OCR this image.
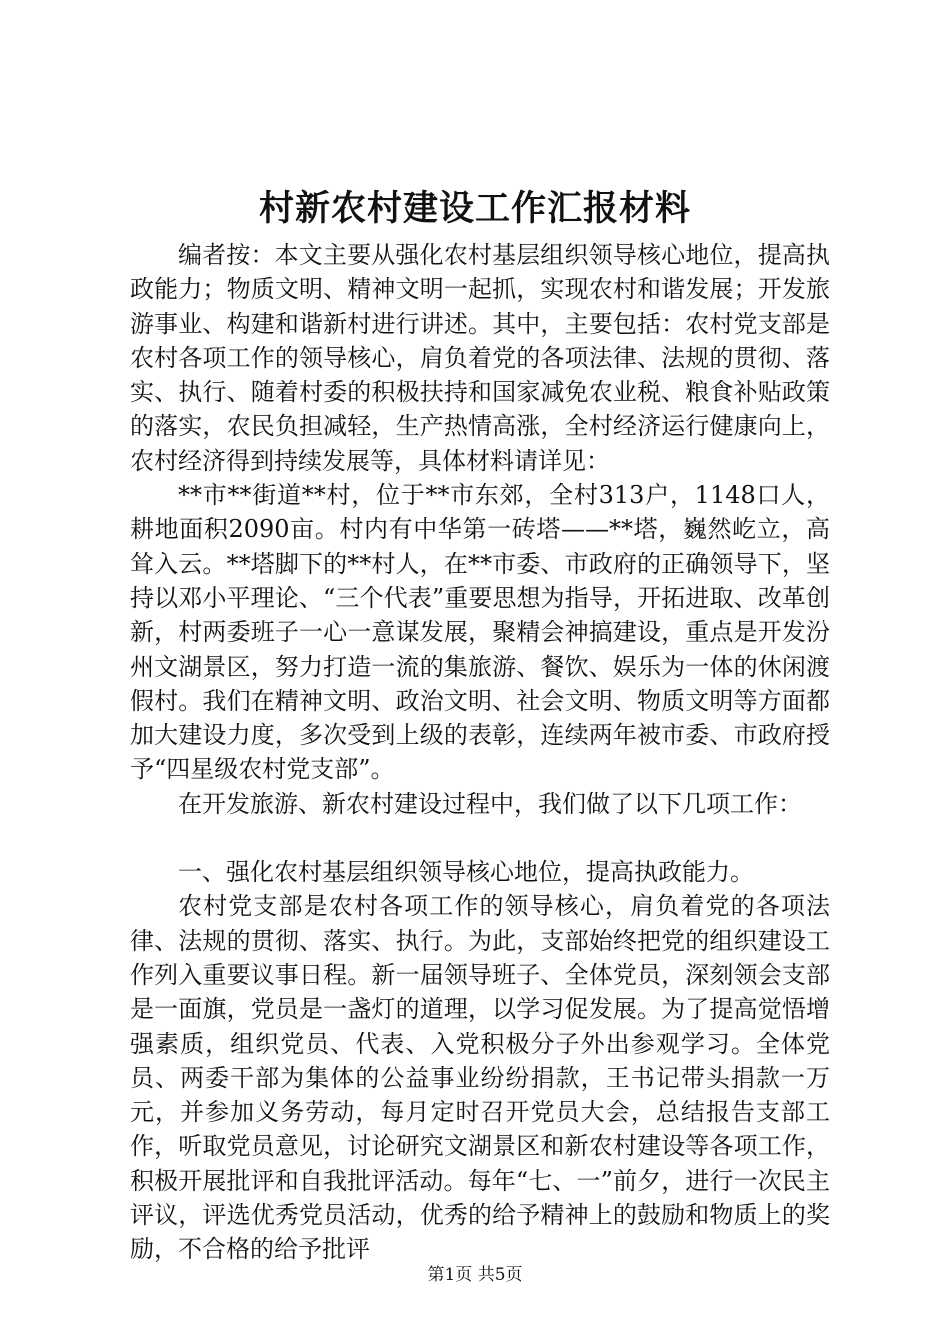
村新农村建设工作汇报材料

编者按：本文主要从强化农村基层组织领导核心地位，提高执政能力；物质文明、精神文明一起抓，实现农村和谐发展；开发旅游事业、构建和谐新村进行讲述。其中，主要包括：农村党支部是农村各项工作的领导核心，肩负着党的各项法律、法规的贯彻、落实、执行、随着村委的积极扶持和国家减免农业税、粮食补贴政策的落实，农民负担减轻，生产热情高涨，全村经济运行健康向上，农村经济得到持续发展等，具体材料请详见：

**市**街道**村，位于**市东郊，全村313户，1148口人，耕地面积2090亩。村内有中华第一砖塔——**塔，巍然屹立，高耸入云。**塔脚下的**村人，在**市委、市政府的正确领导下，坚持以邓小平理论、“三个代表”重要思想为指导，开拓进取、改革创新，村两委班子一心一意谋发展，聚精会神搞建设，重点是开发汾州文湖景区，努力打造一流的集旅游、餐饮、娱乐为一体的休闲渡假村。我们在精神文明、政治文明、社会文明、物质文明等方面都加大建设力度，多次受到上级的表彰，连续两年被市委、市政府授予“四星级农村党支部”。

在开发旅游、新农村建设过程中，我们做了以下几项工作：

一、强化农村基层组织领导核心地位，提高执政能力。

农村党支部是农村各项工作的领导核心，肩负着党的各项法律、法规的贯彻、落实、执行。为此，支部始终把党的组织建设工作列入重要议事日程。新一届领导班子、全体党员，深刻领会支部是一面旗，党员是一盏灯的道理，以学习促发展。为了提高觉悟增强素质，组织党员、代表、入党积极分子外出参观学习。全体党员、两委干部为集体的公益事业纷纷捐款，王书记带头捐款一万元，并参加义务劳动，每月定时召开党员大会，总结报告支部工作，听取党员意见，讨论研究文湖景区和新农村建设等各项工作，积极开展批评和自我批评活动。每年“七、一”前夕，进行一次民主评议，评选优秀党员活动，优秀的给予精神上的鼓励和物质上的奖励，不合格的给予批评

第1页 共5页
